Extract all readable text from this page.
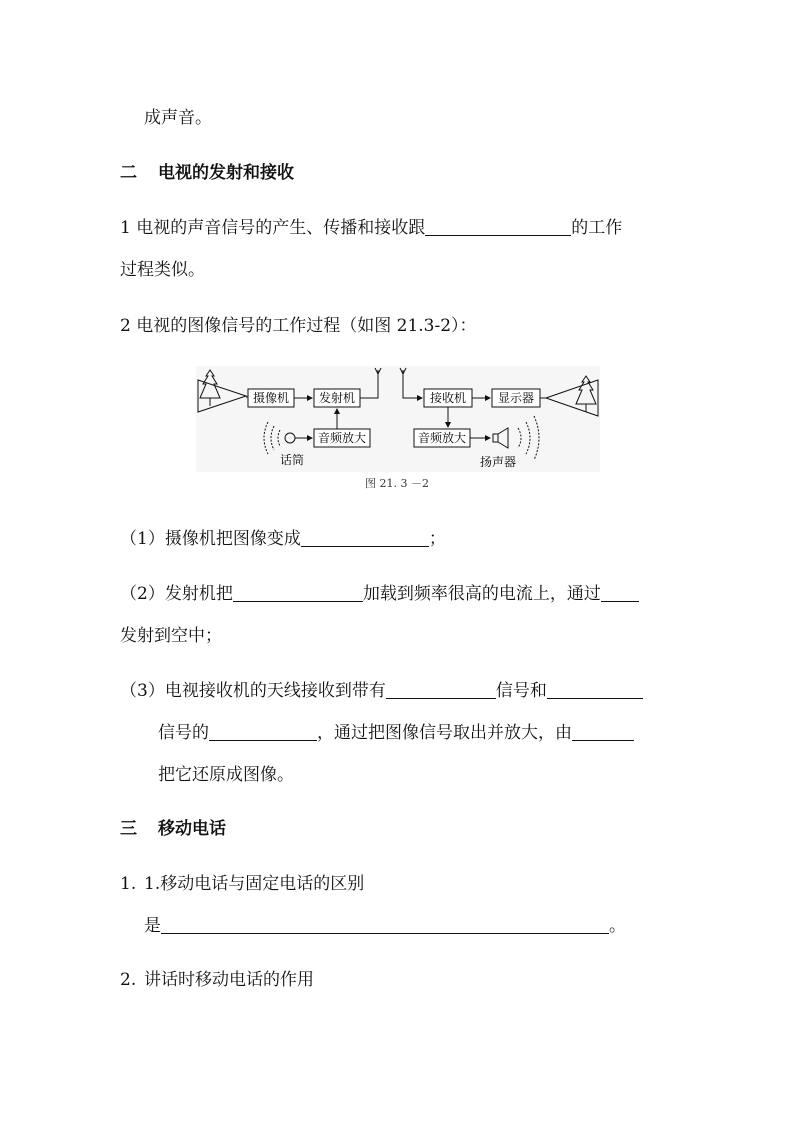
成声音。
二 电视的发射和接收
1 电视的声音信号的产生、传播和接收跟	的工作
过程类似。
2 电视的图像信号的工作过程（如图 21.3-2）：
摄像机 发射机
音频放大
话筒
接收机	显示器
音频放大
扬声器
图 21. 3 －2
（1）摄像机把图像变成	；
（2）发射机把	加载到频率很高的电流上，通过
发射到空中；
（3）电视接收机的天线接收到带有	信号和
信号的	，通过把图像信号取出并放大，由
把它还原成图像。
三 移动电话
1. 1.移动电话与固定电话的区别
是	。
2. 讲话时移动电话的作用
